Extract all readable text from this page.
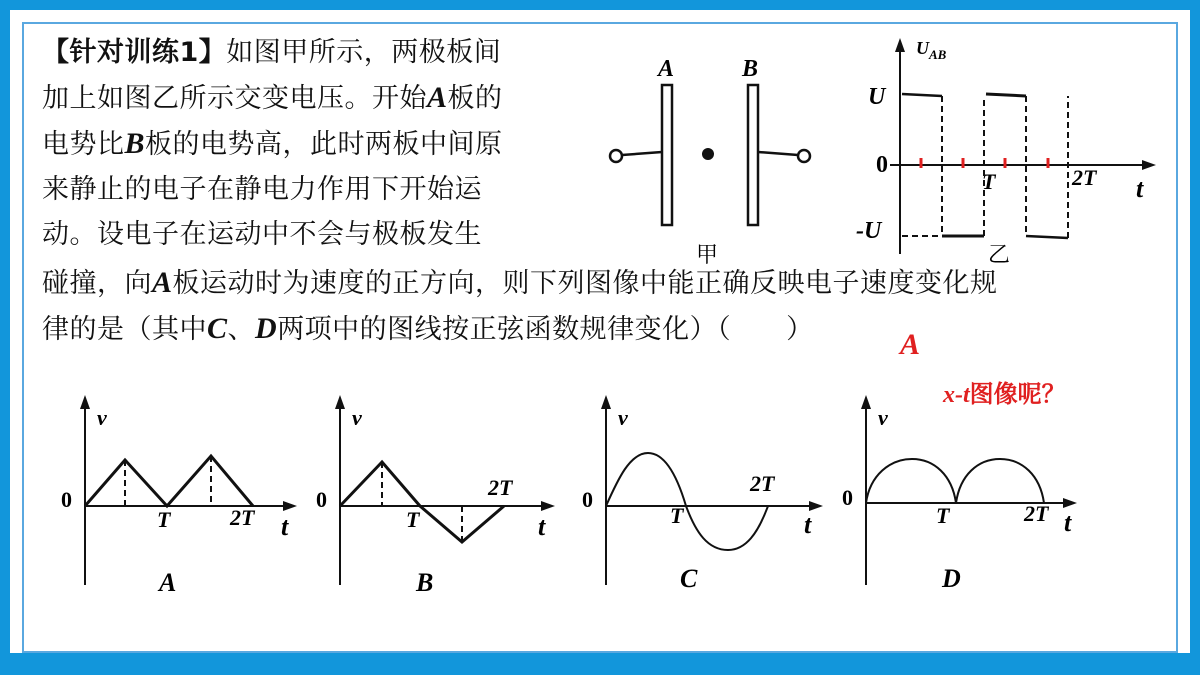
【针对训练1】如图甲所示，两极板间
加上如图乙所示交变电压。开始A板的
电势比B板的电势高，此时两板中间原
来静止的电子在静电力作用下开始运
动。设电子在运动中不会与极板发生
碰撞，向A板运动时为速度的正方向，则下列图像中能正确反映电子速度变化规
律的是（其中C、D两项中的图线按正弦函数规律变化）（　　）	A
x-t图像呢？
A	B
甲
$U_{AB}$
U
0
-U
T	2T t
乙
v
0
T	2T t
A
v
0
T
2T
t
B
v
0
T
2T
t
C
v
0
T	2T t
D
